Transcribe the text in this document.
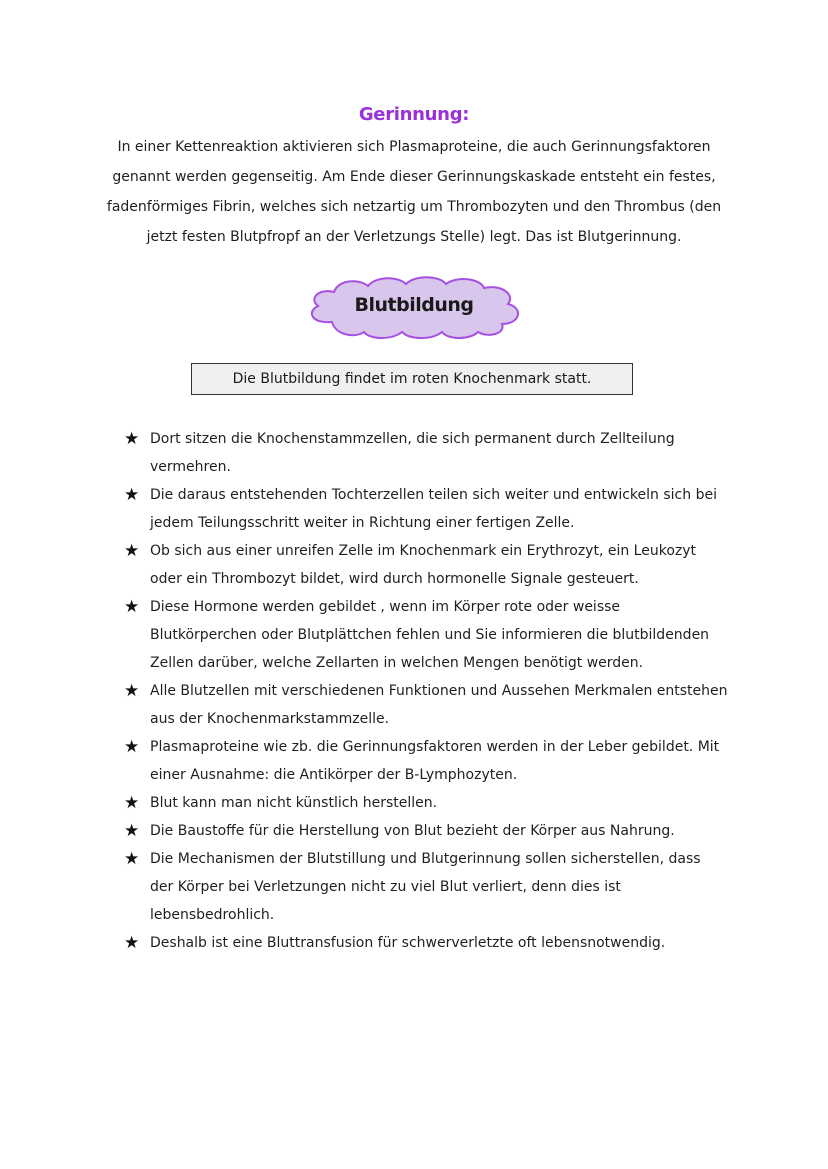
Gerinnung:

In einer Kettenreaktion aktivieren sich Plasmaproteine, die auch Gerinnungsfaktoren genannt werden gegenseitig. Am Ende dieser Gerinnungskaskade entsteht ein festes, fadenförmiges Fibrin, welches sich netzartig um Thrombozyten und den Thrombus (den jetzt festen Blutpfropf an der Verletzungs Stelle) legt. Das ist Blutgerinnung.

Blutbildung
Die Blutbildung findet im roten Knochenmark statt.
★ Dort sitzen die Knochenstammzellen, die sich permanent durch Zellteilung vermehren.
★ Die daraus entstehenden Tochterzellen teilen sich weiter und entwickeln sich bei jedem Teilungsschritt weiter in Richtung einer fertigen Zelle.
★ Ob sich aus einer unreifen Zelle im Knochenmark ein Erythrozyt, ein Leukozyt oder ein Thrombozyt bildet, wird durch hormonelle Signale gesteuert.
★ Diese Hormone werden gebildet , wenn im Körper rote oder weisse Blutkörperchen oder Blutplättchen fehlen und Sie informieren die blutbildenden Zellen darüber, welche Zellarten in welchen Mengen benötigt werden.
★ Alle Blutzellen mit verschiedenen Funktionen und Aussehen Merkmalen entstehen aus der Knochenmarkstammzelle.
★ Plasmaproteine wie zb. die Gerinnungsfaktoren werden in der Leber gebildet. Mit einer Ausnahme: die Antikörper der B-Lymphozyten.
★ Blut kann man nicht künstlich herstellen.
★ Die Baustoffe für die Herstellung von Blut bezieht der Körper aus Nahrung.
★ Die Mechanismen der Blutstillung und Blutgerinnung sollen sicherstellen, dass der Körper bei Verletzungen nicht zu viel Blut verliert, denn dies ist lebensbedrohlich.
★ Deshalb ist eine Bluttransfusion für schwerverletzte oft lebensnotwendig.
